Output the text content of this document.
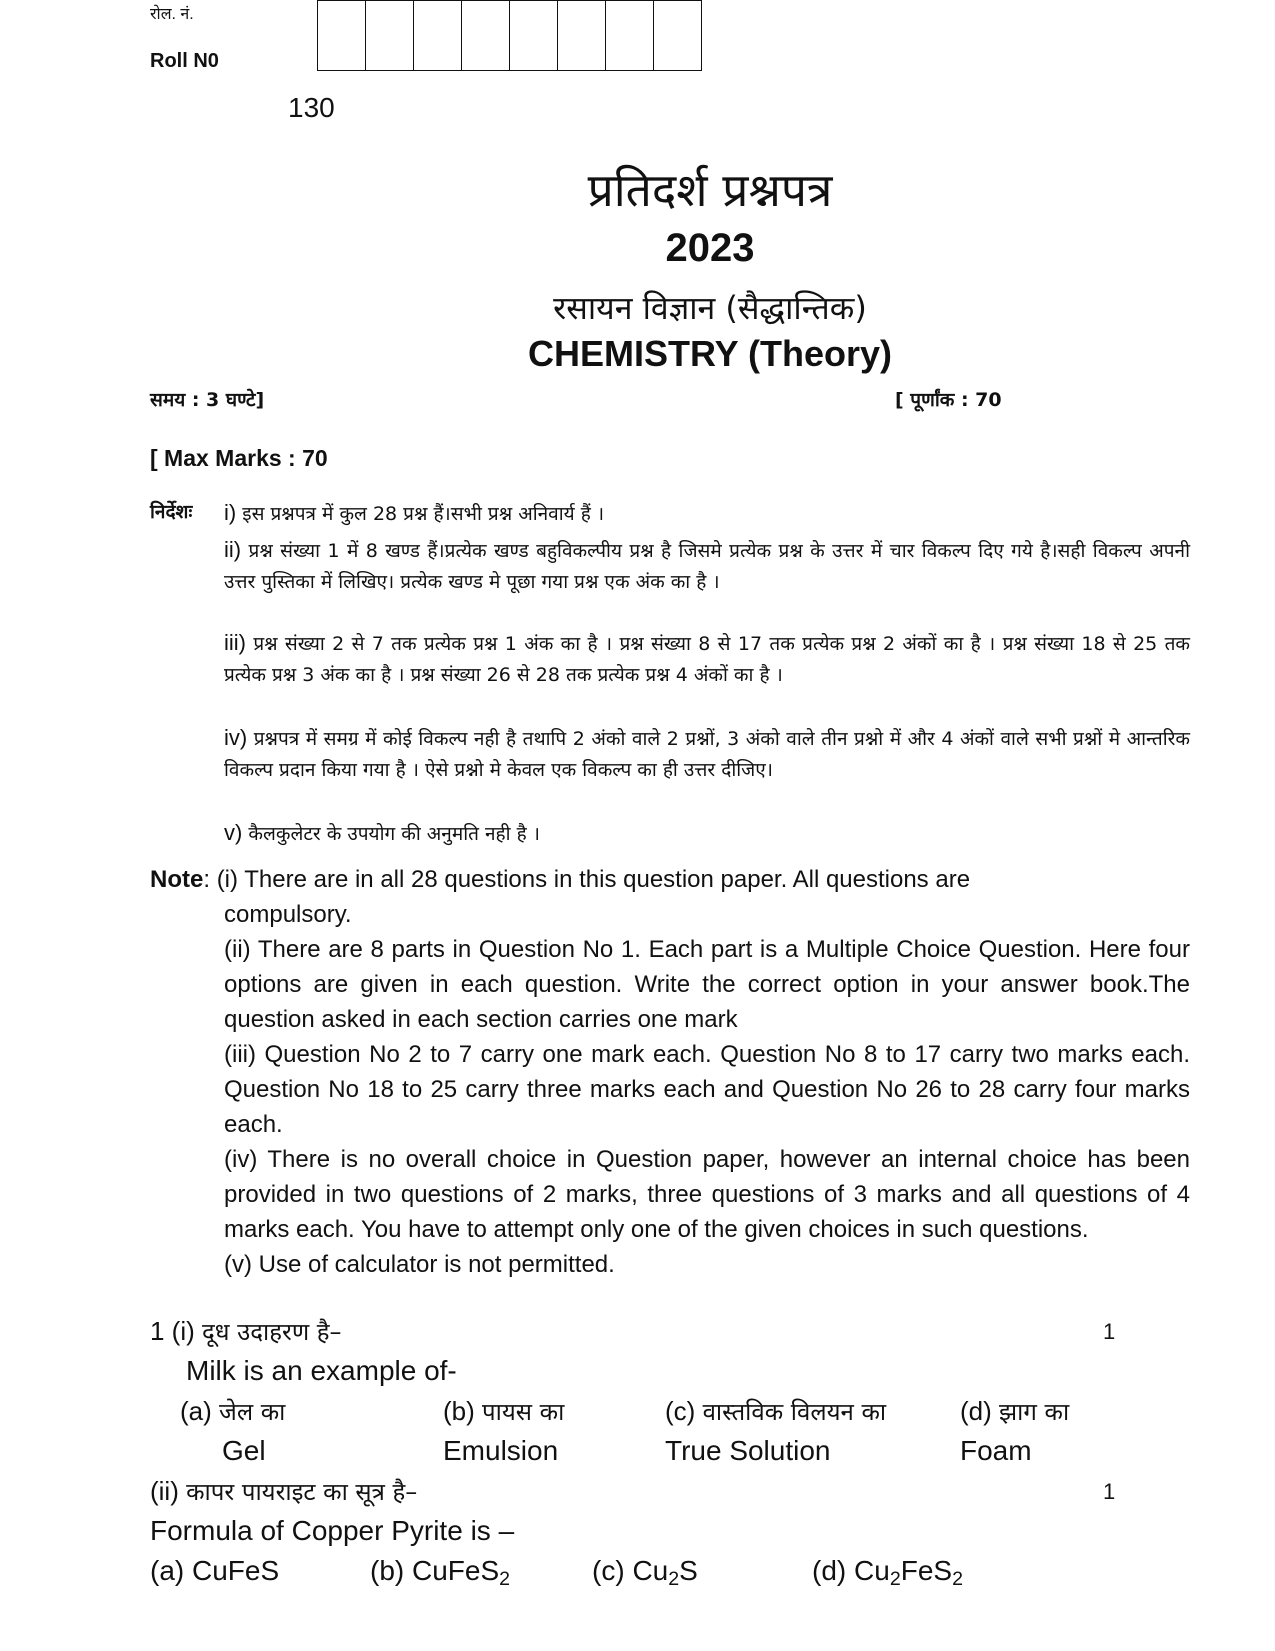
रोल. नं.
Roll N0
130
प्रतिदर्श प्रश्नपत्र
2023
रसायन विज्ञान (सैद्धान्तिक)
CHEMISTRY (Theory)
समय : 3 घण्टे]	[ पूर्णांक : 70
[ Max Marks : 70
निर्देशः i) इस प्रश्नपत्र में कुल 28 प्रश्न हैं।सभी प्रश्न अनिवार्य हैं ।
ii) प्रश्न संख्या 1 में 8 खण्ड हैं।प्रत्येक खण्ड बहुविकल्पीय प्रश्न है जिसमे प्रत्येक प्रश्न के उत्तर में चार विकल्प दिए गये है।सही विकल्प अपनी उत्तर पुस्तिका में लिखिए। प्रत्येक खण्ड मे पूछा गया प्रश्न एक अंक का है ।
iii) प्रश्न संख्या 2 से 7 तक प्रत्येक प्रश्न 1 अंक का है । प्रश्न संख्या 8 से 17 तक प्रत्येक प्रश्न 2 अंकों का है । प्रश्न संख्या 18 से 25 तक प्रत्येक प्रश्न 3 अंक का है । प्रश्न संख्या 26 से 28 तक प्रत्येक प्रश्न 4 अंकों का है ।
iv) प्रश्नपत्र में समग्र में कोई विकल्प नही है तथापि 2 अंको वाले 2 प्रश्नों, 3 अंको वाले तीन प्रश्नो में और 4 अंकों वाले सभी प्रश्नों मे आन्तरिक विकल्प प्रदान किया गया है । ऐसे प्रश्नो मे केवल एक विकल्प का ही उत्तर दीजिए।
v) कैलकुलेटर के उपयोग की अनुमति नही है ।
Note: (i) There are in all 28 questions in this question paper. All questions are
compulsory.
(ii) There are 8 parts in Question No 1. Each part is a Multiple Choice Question. Here four options are given in each question. Write the correct option in your answer book.The question asked in each section carries one mark
(iii) Question No 2 to 7 carry one mark each. Question No 8 to 17 carry two marks each. Question No 18 to 25 carry three marks each and Question No 26 to 28 carry four marks each.
(iv) There is no overall choice in Question paper, however an internal choice has been provided in two questions of 2 marks, three questions of 3 marks and all questions of 4 marks each. You have to attempt only one of the given choices in such questions.
(v) Use of calculator is not permitted.
1 (i) दूध उदाहरण है–	1
Milk is an example of-
(a) जेल का
Gel
(b) पायस का
Emulsion
(c) वास्तविक विलयन का
True Solution
(d) झाग का
Foam
(ii) कापर पायराइट का सूत्र है–	1
Formula of Copper Pyrite is –
(a) CuFeS	(b) CuFeS$_2$	(c) $Cu_2S$	(d) $Cu_2FeS_2$
